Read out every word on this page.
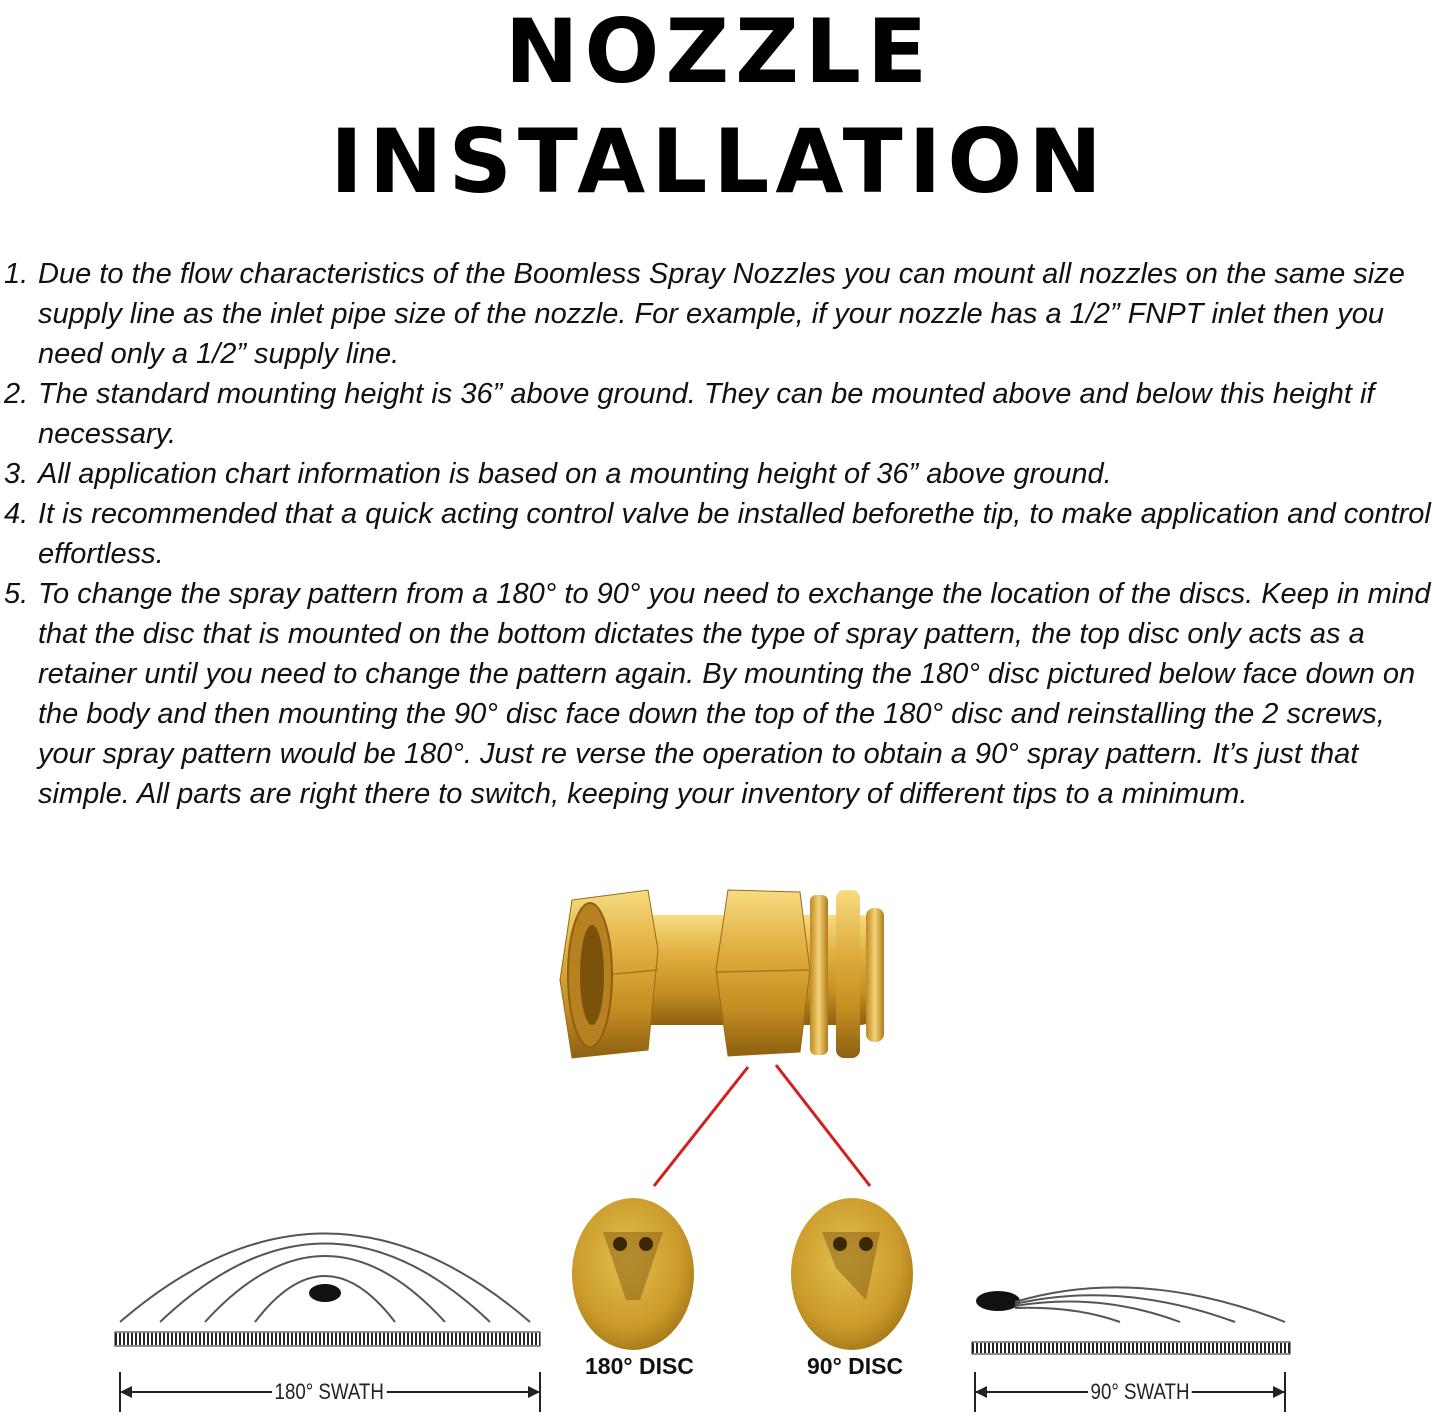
NOZZLE
INSTALLATION
1. Due to the flow characteristics of the Boomless Spray Nozzles you can mount all nozzles on the same size supply line as the inlet pipe size of the nozzle. For example, if your nozzle has a 1/2” FNPT inlet then you need only a 1/2” supply line.
2. The standard mounting height is 36” above ground. They can be mounted above and below this height if necessary.
3. All application chart information is based on a mounting height of 36” above ground.
4. It is recommended that a quick acting control valve be installed beforethe tip, to make application and control effortless.
5. To change the spray pattern from a 180° to 90° you need to exchange the location of the discs. Keep in mind that the disc that is mounted on the bottom dictates the type of spray pattern, the top disc only acts as a retainer until you need to change the pattern again. By mounting the 180° disc pictured below face down on the body and then mounting the 90° disc face down the top of the 180° disc and reinstalling the 2 screws, your spray pattern would be 180°. Just re verse the operation to obtain a 90° spray pattern. It’s just that simple. All parts are right there to switch, keeping your inventory of different tips to a minimum.
180° DISC	90° DISC
180° SWATH	90° SWATH
